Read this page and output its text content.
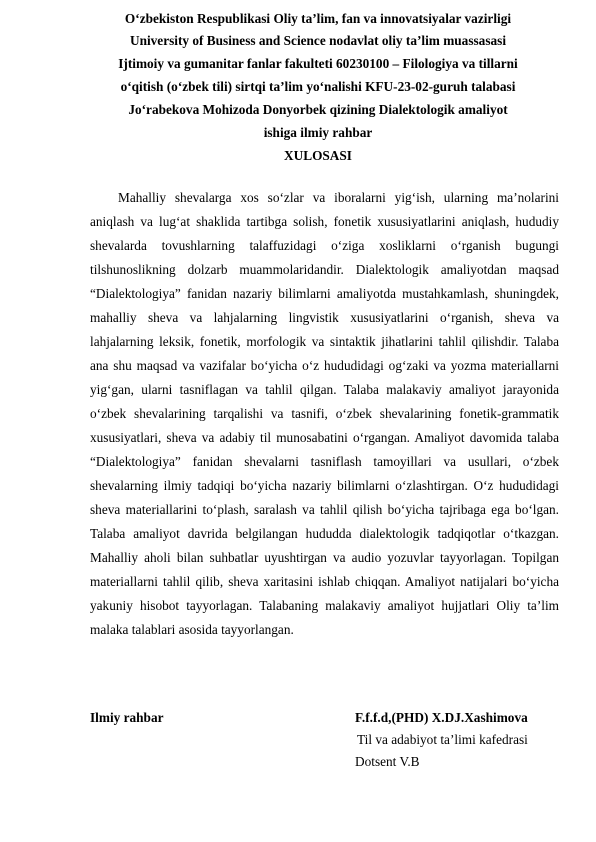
O‘zbekiston Respublikasi Oliy ta’lim, fan va innovatsiyalar vazirligi
University of Business and Science nodavlat oliy ta’lim muassasasi
Ijtimoiy va gumanitar fanlar fakulteti 60230100 – Filologiya va tillarni
o‘qitish (o‘zbek tili) sirtqi ta’lim yo‘nalishi KFU-23-02-guruh talabasi
Jo‘rabekova Mohizoda Donyorbek qizining Dialektologik amaliyot
ishiga ilmiy rahbar
XULOSASI

Mahalliy shevalarga xos so‘zlar va iboralarni yig‘ish, ularning ma’nolarini aniqlash va lug‘at shaklida tartibga solish, fonetik xususiyatlarini aniqlash, hududiy shevalarda tovushlarning talaffuzidagi o‘ziga xosliklarni o‘rganish bugungi tilshunoslikning dolzarb muammolaridandir. Dialektologik amaliyotdan maqsad “Dialektologiya” fanidan nazariy bilimlarni amaliyotda mustahkamlash, shuningdek, mahalliy sheva va lahjalarning lingvistik xususiyatlarini o‘rganish, sheva va lahjalarning leksik, fonetik, morfologik va sintaktik jihatlarini tahlil qilishdir. Talaba ana shu maqsad va vazifalar bo‘yicha o‘z hududidagi og‘zaki va yozma materiallarni yig‘gan, ularni tasniflagan va tahlil qilgan. Talaba malakaviy amaliyot jarayonida o‘zbek shevalarining tarqalishi va tasnifi, o‘zbek shevalarining fonetik-grammatik xususiyatlari, sheva va adabiy til munosabatini o‘rgangan. Amaliyot davomida talaba “Dialektologiya” fanidan shevalarni tasniflash tamoyillari va usullari, o‘zbek shevalarning ilmiy tadqiqi bo‘yicha nazariy bilimlarni o‘zlashtirgan. O‘z hududidagi sheva materiallarini to‘plash, saralash va tahlil qilish bo‘yicha tajribaga ega bo‘lgan. Talaba amaliyot davrida belgilangan hududda dialektologik tadqiqotlar o‘tkazgan. Mahalliy aholi bilan suhbatlar uyushtirgan va audio yozuvlar tayyorlagan. Topilgan materiallarni tahlil qilib, sheva xaritasini ishlab chiqqan. Amaliyot natijalari bo‘yicha yakuniy hisobot tayyorlagan. Talabaning malakaviy amaliyot hujjatlari Oliy ta’lim malaka talablari asosida tayyorlangan.

Ilmiy rahbar	F.f.f.d,(PHD) X.DJ.Xashimova
Til va adabiyot ta’limi kafedrasi
Dotsent V.B
